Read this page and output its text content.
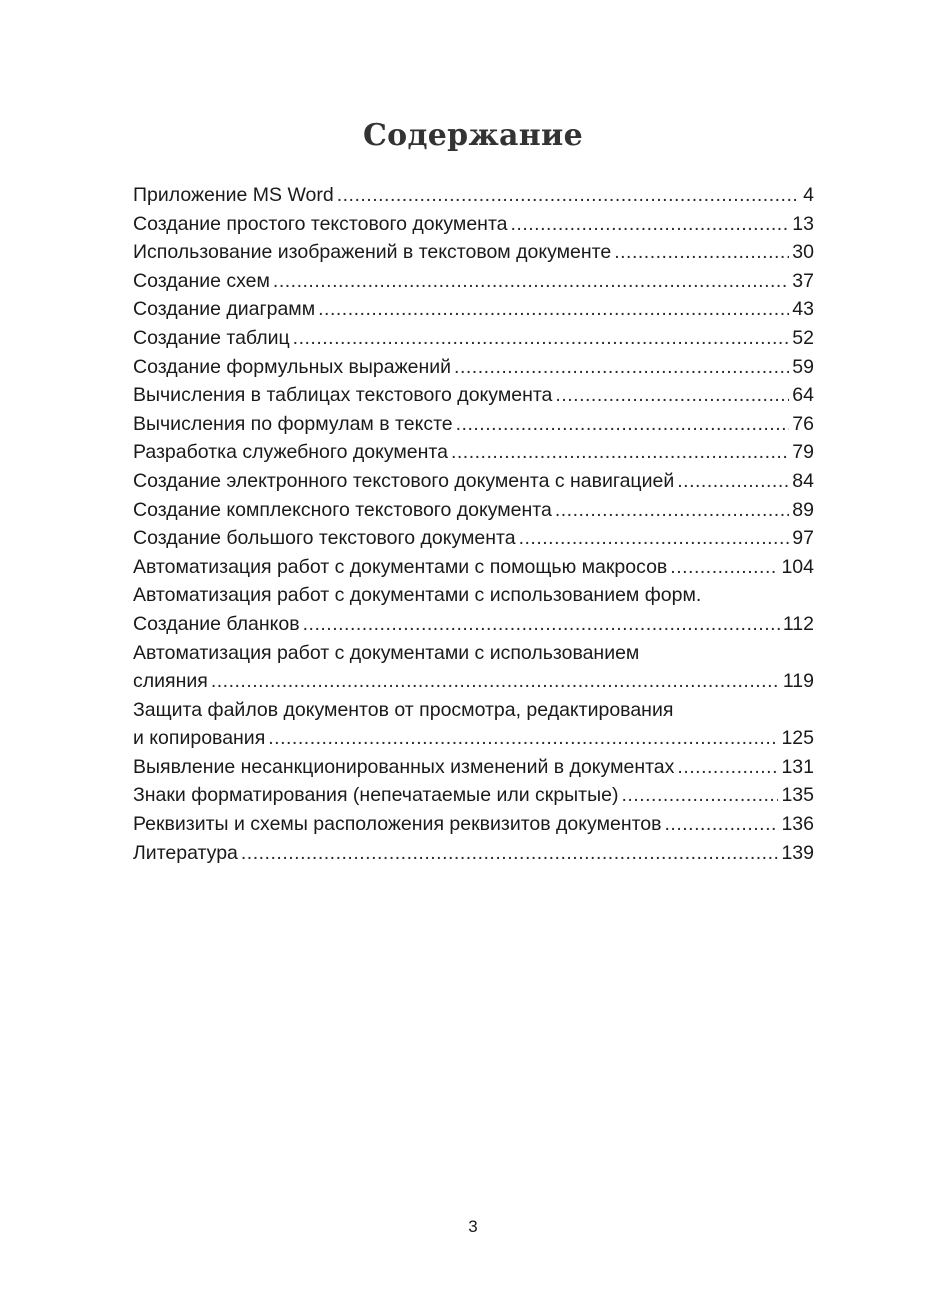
Содержание
Приложение MS Word .....	4
Создание простого текстового документа .....	13
Использование изображений в текстовом документе .....	30
Создание схем .....	37
Создание диаграмм .....	43
Создание таблиц .....	52
Создание формульных выражений .....	59
Вычисления в таблицах текстового документа .....	64
Вычисления по формулам в тексте .....	76
Разработка служебного документа .....	79
Создание электронного текстового документа с навигацией .....	84
Создание комплексного текстового документа .....	89
Создание большого текстового документа .....	97
Автоматизация работ с документами с помощью макросов .....	104
Автоматизация работ с документами с использованием форм.
Создание бланков .....	112
Автоматизация работ с документами с использованием
слияния .....	119
Защита файлов документов от просмотра, редактирования
и копирования .....	125
Выявление несанкционированных изменений в документах .....	131
Знаки форматирования (непечатаемые или скрытые) .....	135
Реквизиты и схемы расположения реквизитов документов .....	136
Литература .....	139
3
